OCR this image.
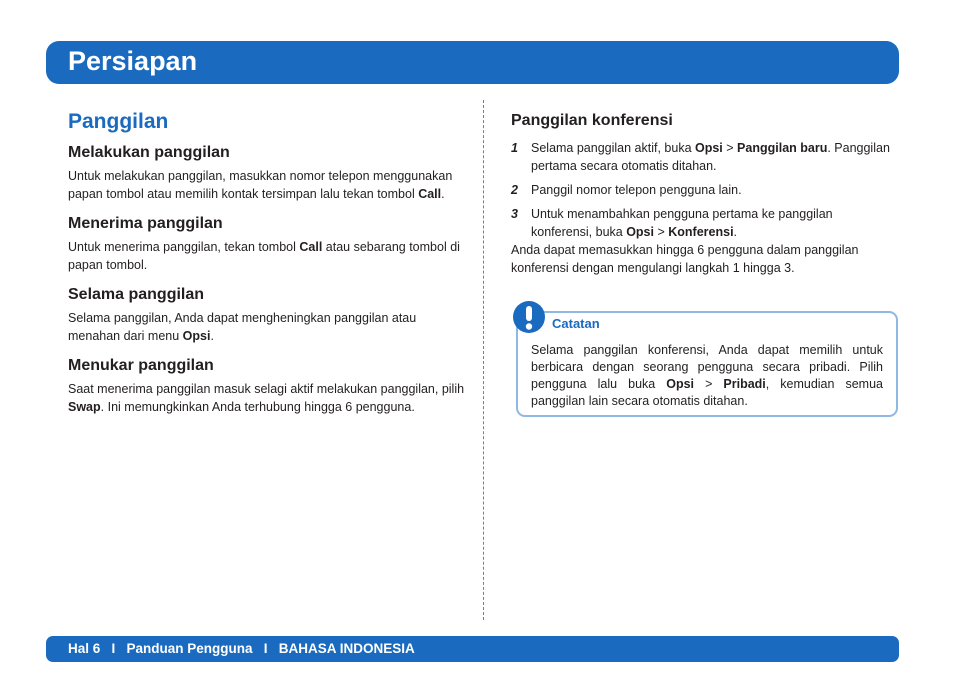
Persiapan
Panggilan
Melakukan panggilan

Untuk melakukan panggilan, masukkan nomor telepon menggunakan papan tombol atau memilih kontak tersimpan lalu tekan tombol Call.

Menerima panggilan

Untuk menerima panggilan, tekan tombol Call atau sebarang tombol di papan tombol.

Selama panggilan

Selama panggilan, Anda dapat mengheningkan panggilan atau menahan dari menu Opsi.

Menukar panggilan

Saat menerima panggilan masuk selagi aktif melakukan panggilan, pilih Swap. Ini memungkinkan Anda terhubung hingga 6 pengguna.

Panggilan konferensi
1	Selama panggilan aktif, buka Opsi > Panggilan baru. Panggilan pertama secara otomatis ditahan.
2	Panggil nomor telepon pengguna lain.
3	Untuk menambahkan pengguna pertama ke panggilan konferensi, buka Opsi > Konferensi.

Anda dapat memasukkan hingga 6 pengguna dalam panggilan konferensi dengan mengulangi langkah 1 hingga 3.

Catatan

Selama panggilan konferensi, Anda dapat memilih untuk berbicara dengan seorang pengguna secara pribadi. Pilih pengguna lalu buka Opsi > Pribadi, kemudian semua panggilan lain secara otomatis ditahan.

Hal 6   I   Panduan Pengguna   I   BAHASA INDONESIA
